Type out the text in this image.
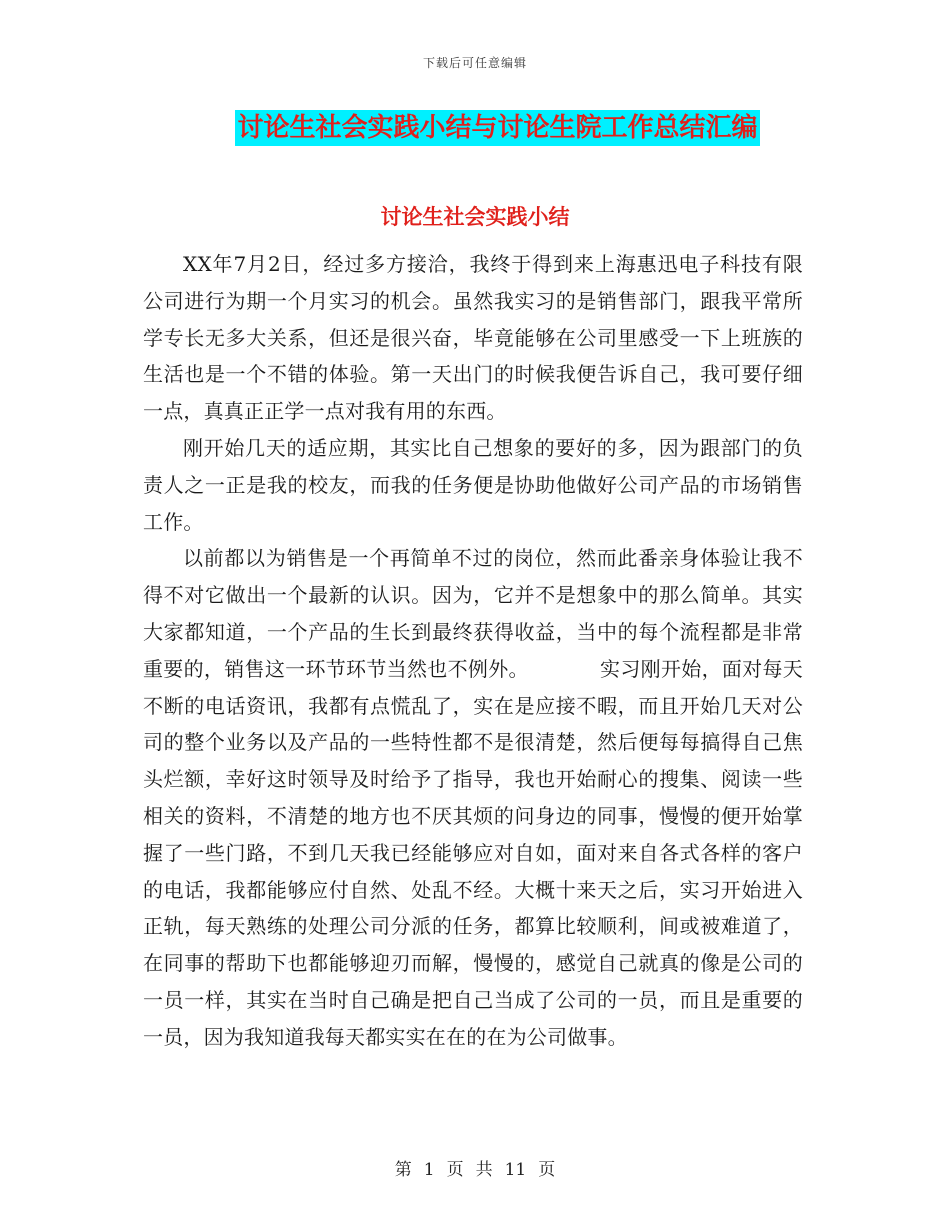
下载后可任意编辑
讨论生社会实践小结与讨论生院工作总结汇编
讨论生社会实践小结

XX年7月2日，经过多方接洽，我终于得到来上海惠迅电子科技有限公司进行为期一个月实习的机会。虽然我实习的是销售部门，跟我平常所学专长无多大关系，但还是很兴奋，毕竟能够在公司里感受一下上班族的生活也是一个不错的体验。第一天出门的时候我便告诉自己，我可要仔细一点，真真正正学一点对我有用的东西。

刚开始几天的适应期，其实比自己想象的要好的多，因为跟部门的负责人之一正是我的校友，而我的任务便是协助他做好公司产品的市场销售工作。

以前都以为销售是一个再简单不过的岗位，然而此番亲身体验让我不得不对它做出一个最新的认识。因为，它并不是想象中的那么简单。其实大家都知道，一个产品的生长到最终获得收益，当中的每个流程都是非常重要的，销售这一环节环节当然也不例外。　　　　实习刚开始，面对每天不断的电话资讯，我都有点慌乱了，实在是应接不暇，而且开始几天对公司的整个业务以及产品的一些特性都不是很清楚，然后便每每搞得自己焦头烂额，幸好这时领导及时给予了指导，我也开始耐心的搜集、阅读一些相关的资料，不清楚的地方也不厌其烦的问身边的同事，慢慢的便开始掌握了一些门路，不到几天我已经能够应对自如，面对来自各式各样的客户的电话，我都能够应付自然、处乱不经。大概十来天之后，实习开始进入正轨，每天熟练的处理公司分派的任务，都算比较顺利，间或被难道了，在同事的帮助下也都能够迎刃而解，慢慢的，感觉自己就真的像是公司的一员一样，其实在当时自己确是把自己当成了公司的一员，而且是重要的一员，因为我知道我每天都实实在在的在为公司做事。

第 1 页 共 11 页
